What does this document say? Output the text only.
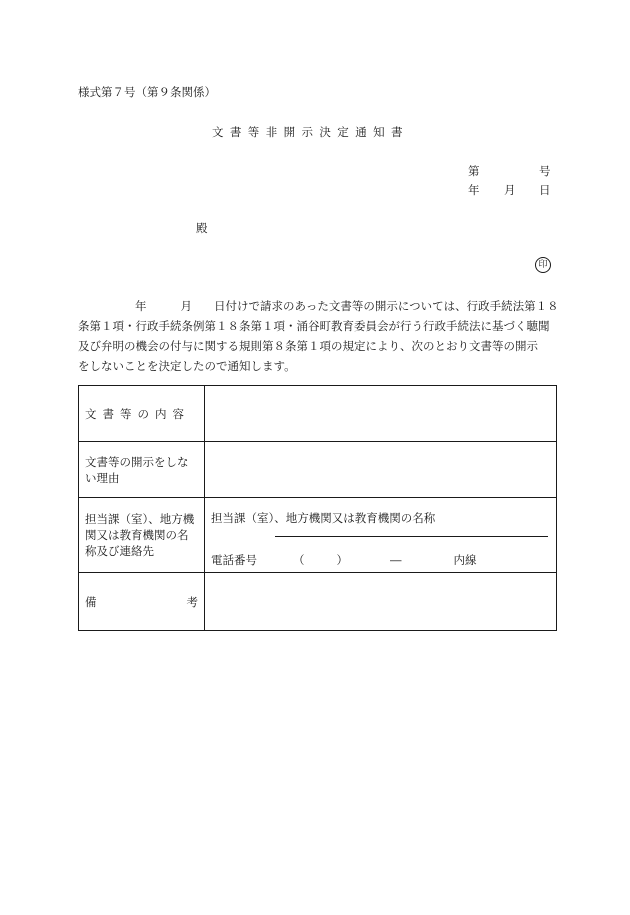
様式第７号（第９条関係）
文書等非開示決定通知書
第	号
年 月 日
殿
印
年	月 日付けで請求のあった文書等の開示については、行政手続法第１８
条第１項・行政手続条例第１８条第１項・涌谷町教育委員会が行う行政手続法に基づく聴聞
及び弁明の機会の付与に関する規則第８条第１項の規定により、次のとおり文書等の開示
をしないことを決定したので通知します。
文書等の内容	
文書等の開示をしない理由	
担当課（室）、地方機関又は教育機関の名称及び連絡先	担当課（室）、地方機関又は教育機関の名称
電話番号 （ ） ― 内線

備 考	
